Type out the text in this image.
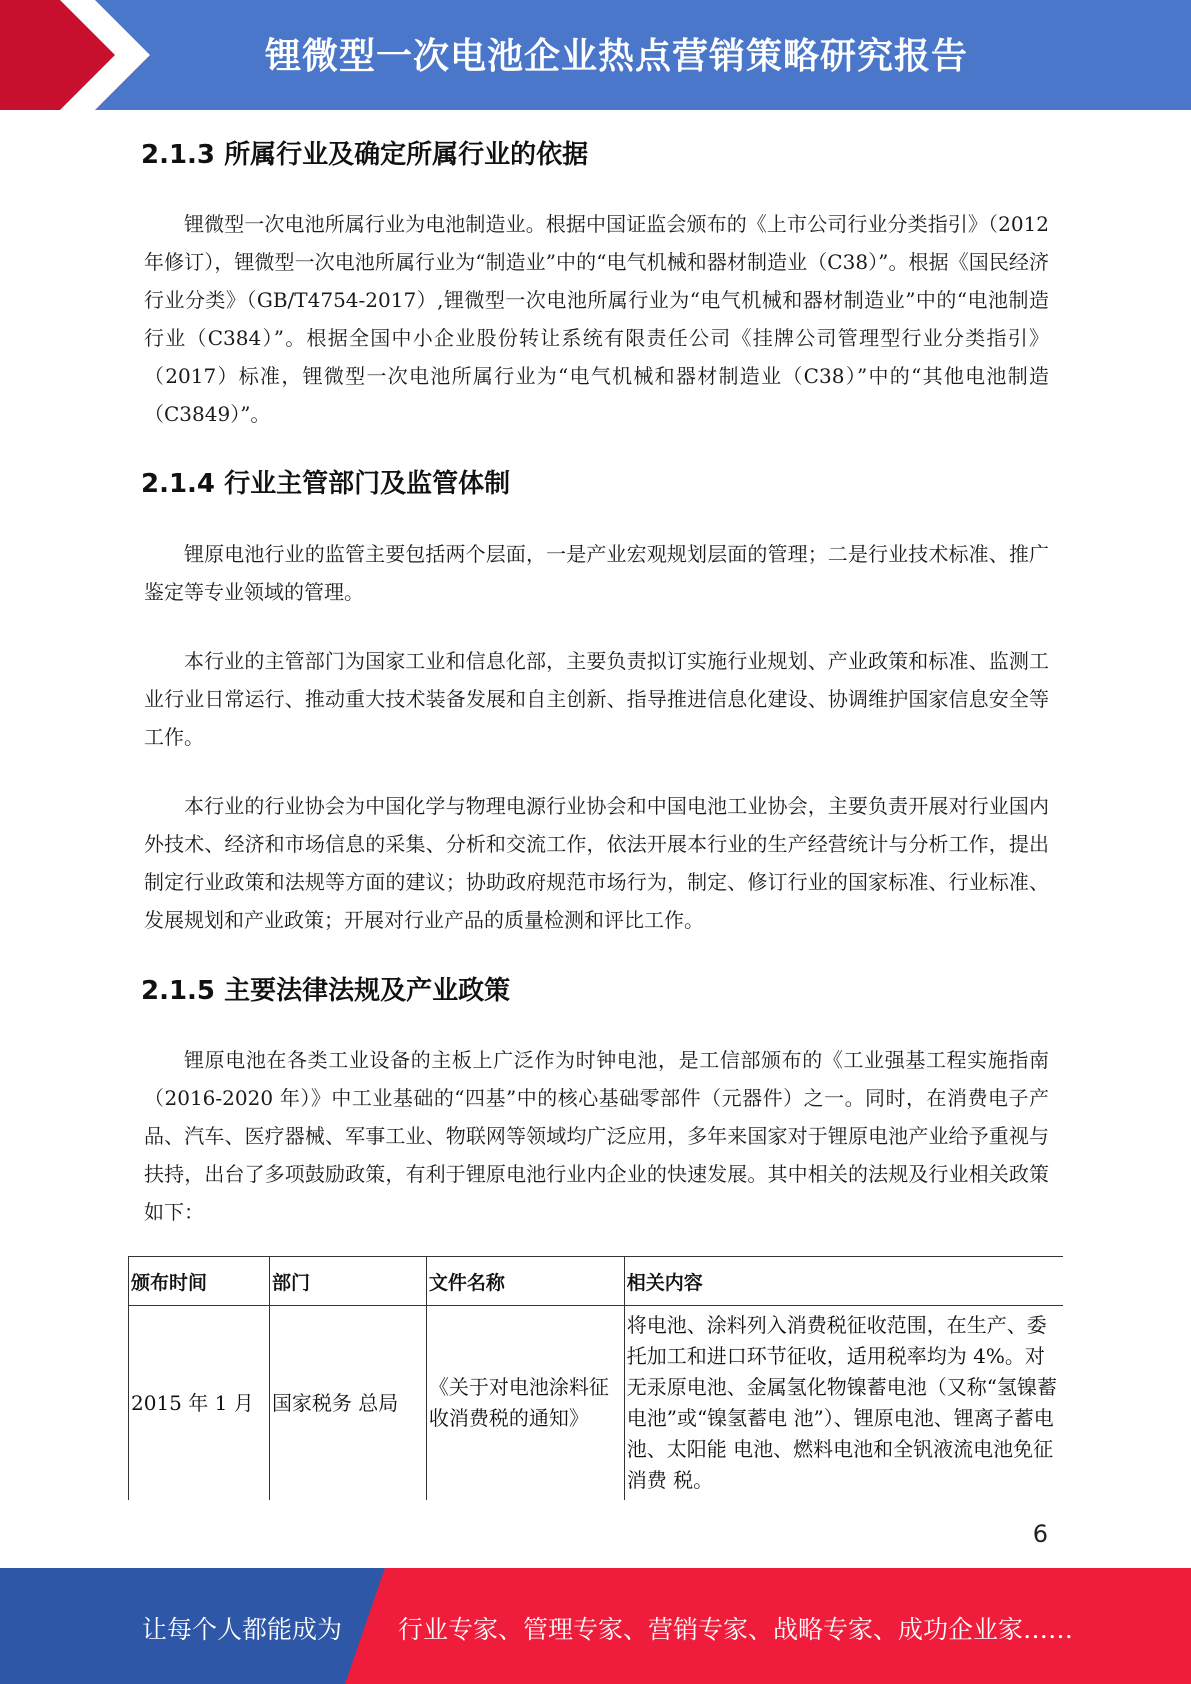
锂微型一次电池企业热点营销策略研究报告
2.1.3 所属行业及确定所属行业的依据
锂微型一次电池所属行业为电池制造业。根据中国证监会颁布的《上市公司行业分类指引》（2012 年修订），锂微型一次电池所属行业为“制造业”中的“电气机械和器材制造业（C38）”。根据《国民经济行业分类》（GB/T4754-2017）,锂微型一次电池所属行业为“电气机械和器材制造业”中的“电池制造行业（C384）”。根据全国中小企业股份转让系统有限责任公司《挂牌公司管理型行业分类指引》（2017）标准，锂微型一次电池所属行业为“电气机械和器材制造业（C38）”中的“其他电池制造（C3849）”。
2.1.4 行业主管部门及监管体制
锂原电池行业的监管主要包括两个层面，一是产业宏观规划层面的管理；二是行业技术标准、推广鉴定等专业领域的管理。
本行业的主管部门为国家工业和信息化部，主要负责拟订实施行业规划、产业政策和标准、监测工业行业日常运行、推动重大技术装备发展和自主创新、指导推进信息化建设、协调维护国家信息安全等工作。
本行业的行业协会为中国化学与物理电源行业协会和中国电池工业协会，主要负责开展对行业国内外技术、经济和市场信息的采集、分析和交流工作，依法开展本行业的生产经营统计与分析工作，提出制定行业政策和法规等方面的建议；协助政府规范市场行为，制定、修订行业的国家标准、行业标准、发展规划和产业政策；开展对行业产品的质量检测和评比工作。
2.1.5 主要法律法规及产业政策
锂原电池在各类工业设备的主板上广泛作为时钟电池，是工信部颁布的《工业强基工程实施指南（2016-2020 年）》中工业基础的“四基”中的核心基础零部件（元器件）之一。同时，在消费电子产品、汽车、医疗器械、军事工业、物联网等领域均广泛应用，多年来国家对于锂原电池产业给予重视与扶持，出台了多项鼓励政策，有利于锂原电池行业内企业的快速发展。其中相关的法规及行业相关政策如下：
颁布时间	部门	文件名称	相关内容
2015 年 1 月	国家税务 总局	《关于对电池涂料征收消费税的通知》	将电池、涂料列入消费税征收范围，在生产、委托加工和进口环节征收，适用税率均为 4%。对无汞原电池、金属氢化物镍蓄电池（又称“氢镍蓄电池”或“镍氢蓄电 池”）、锂原电池、锂离子蓄电池、太阳能 电池、燃料电池和全钒液流电池免征消费 税。
6
让每个人都能成为 行业专家、管理专家、营销专家、战略专家、成功企业家……
